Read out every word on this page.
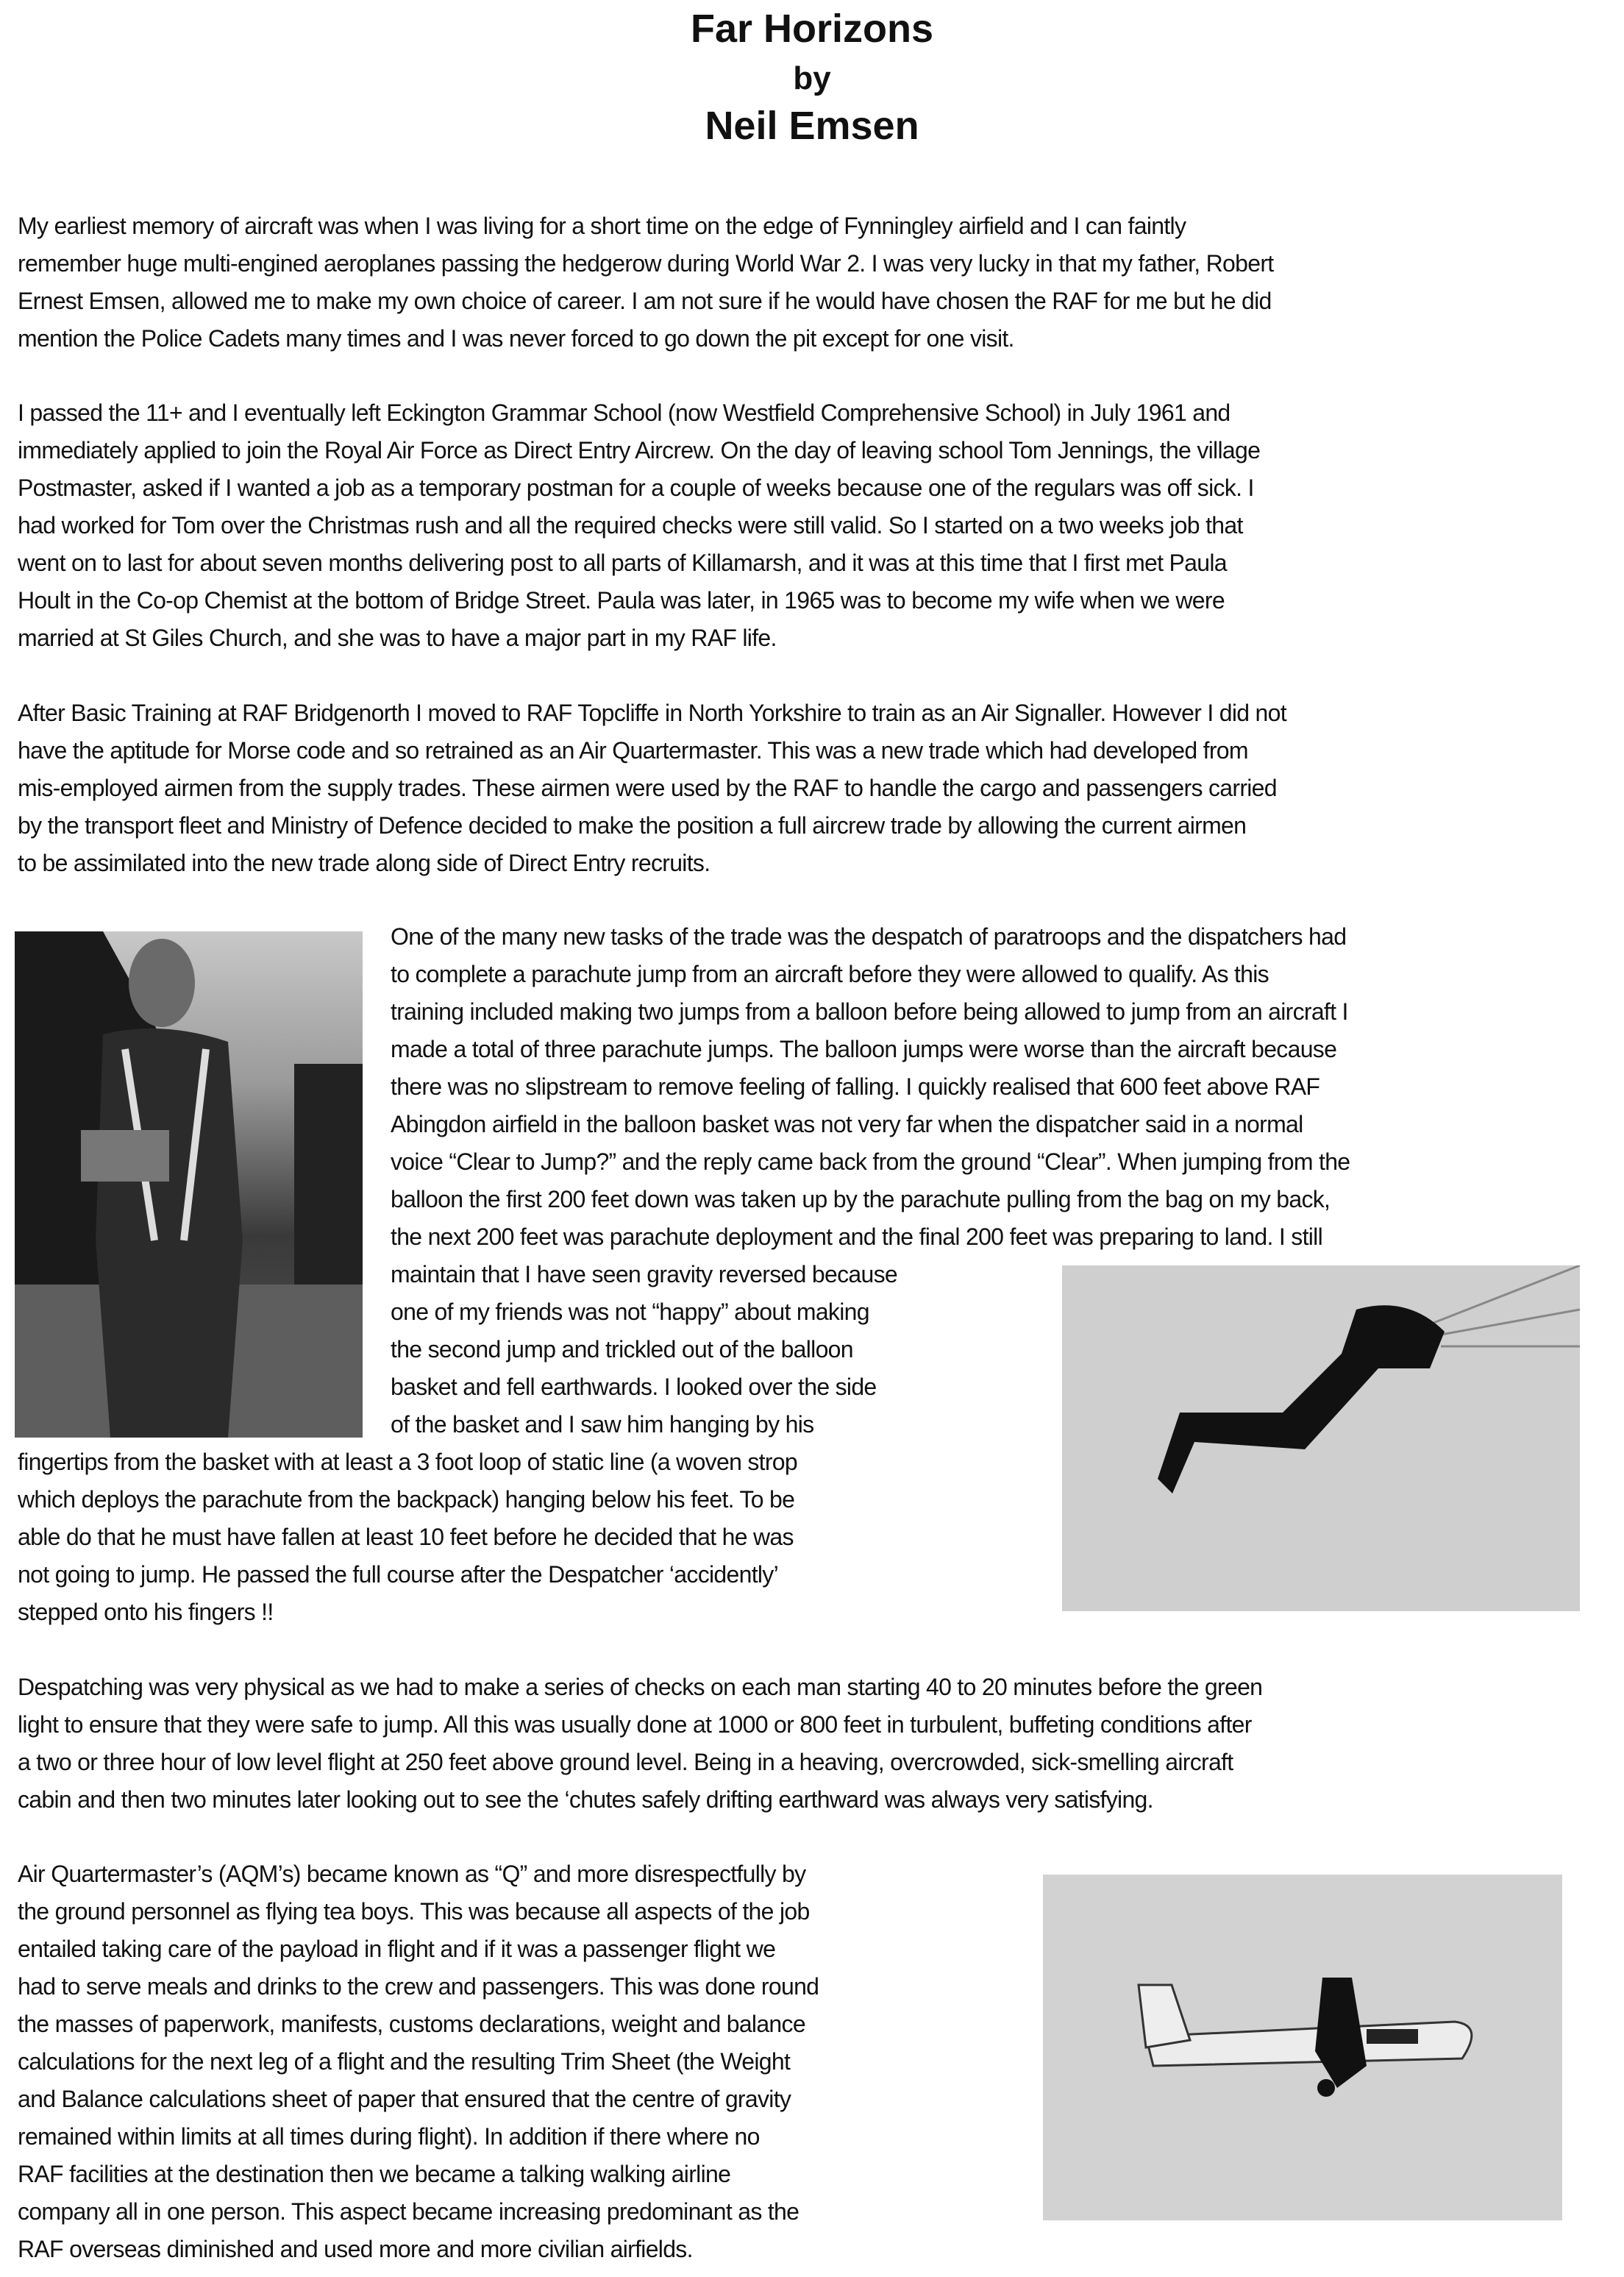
Far Horizons
by
Neil Emsen
My earliest memory of aircraft was when I was living for a short time on the edge of Fynningley airfield and I can faintly
remember huge multi-engined aeroplanes passing the hedgerow during World War 2. I was very lucky in that my father, Robert
Ernest Emsen, allowed me to make my own choice of career. I am not sure if he would have chosen the RAF for me but he did
mention the Police Cadets many times and I was never forced to go down the pit except for one visit.
I passed the 11+ and I eventually left Eckington Grammar School (now Westfield Comprehensive School) in July 1961 and
immediately applied to join the Royal Air Force as Direct Entry Aircrew. On the day of leaving school Tom Jennings, the village
Postmaster, asked if I wanted a job as a temporary postman for a couple of weeks because one of the regulars was off sick. I
had worked for Tom over the Christmas rush and all the required checks were still valid. So I started on a two weeks job that
went on to last for about seven months delivering post to all parts of Killamarsh, and it was at this time that I first met Paula
Hoult in the Co-op Chemist at the bottom of Bridge Street. Paula was later, in 1965 was to become my wife when we were
married at St Giles Church, and she was to have a major part in my RAF life.
After Basic Training at RAF Bridgenorth I moved to RAF Topcliffe in North Yorkshire to train as an Air Signaller. However I did not
have the aptitude for Morse code and so retrained as an Air Quartermaster. This was a new trade which had developed from
mis-employed airmen from the supply trades. These airmen were used by the RAF to handle the cargo and passengers carried
by the transport fleet and Ministry of Defence decided to make the position a full aircrew trade by allowing the current airmen
to be assimilated into the new trade along side of Direct Entry recruits.
One of the many new tasks of the trade was the despatch of paratroops and the dispatchers had
to complete a parachute jump from an aircraft before they were allowed to qualify. As this
training included making two jumps from a balloon before being allowed to jump from an aircraft I
made a total of three parachute jumps. The balloon jumps were worse than the aircraft because
there was no slipstream to remove feeling of falling. I quickly realised that 600 feet above RAF
Abingdon airfield in the balloon basket was not very far when the dispatcher said in a normal
voice “Clear to Jump?” and the reply came back from the ground “Clear”. When jumping from the
balloon the first 200 feet down was taken up by the parachute pulling from the bag on my back,
the next 200 feet was parachute deployment and the final 200 feet was preparing to land. I still
maintain that I have seen gravity reversed because
one of my friends was not “happy” about making
the second jump and trickled out of the balloon
basket and fell earthwards. I looked over the side
of the basket and I saw him hanging by his
fingertips from the basket with at least a 3 foot loop of static line (a woven strop
which deploys the parachute from the backpack) hanging below his feet. To be
able do that he must have fallen at least 10 feet before he decided that he was
not going to jump. He passed the full course after the Despatcher ‘accidently’
stepped onto his fingers !!
Despatching was very physical as we had to make a series of checks on each man starting 40 to 20 minutes before the green
light to ensure that they were safe to jump. All this was usually done at 1000 or 800 feet in turbulent, buffeting conditions after
a two or three hour of low level flight at 250 feet above ground level. Being in a heaving, overcrowded, sick-smelling aircraft
cabin and then two minutes later looking out to see the ‘chutes safely drifting earthward was always very satisfying.
Air Quartermaster’s (AQM’s) became known as “Q” and more disrespectfully by
the ground personnel as flying tea boys. This was because all aspects of the job
entailed taking care of the payload in flight and if it was a passenger flight we
had to serve meals and drinks to the crew and passengers. This was done round
the masses of paperwork, manifests, customs declarations, weight and balance
calculations for the next leg of a flight and the resulting Trim Sheet (the Weight
and Balance calculations sheet of paper that ensured that the centre of gravity
remained within limits at all times during flight). In addition if there where no
RAF facilities at the destination then we became a talking walking airline
company all in one person. This aspect became increasing predominant as the
RAF overseas diminished and used more and more civilian airfields.
